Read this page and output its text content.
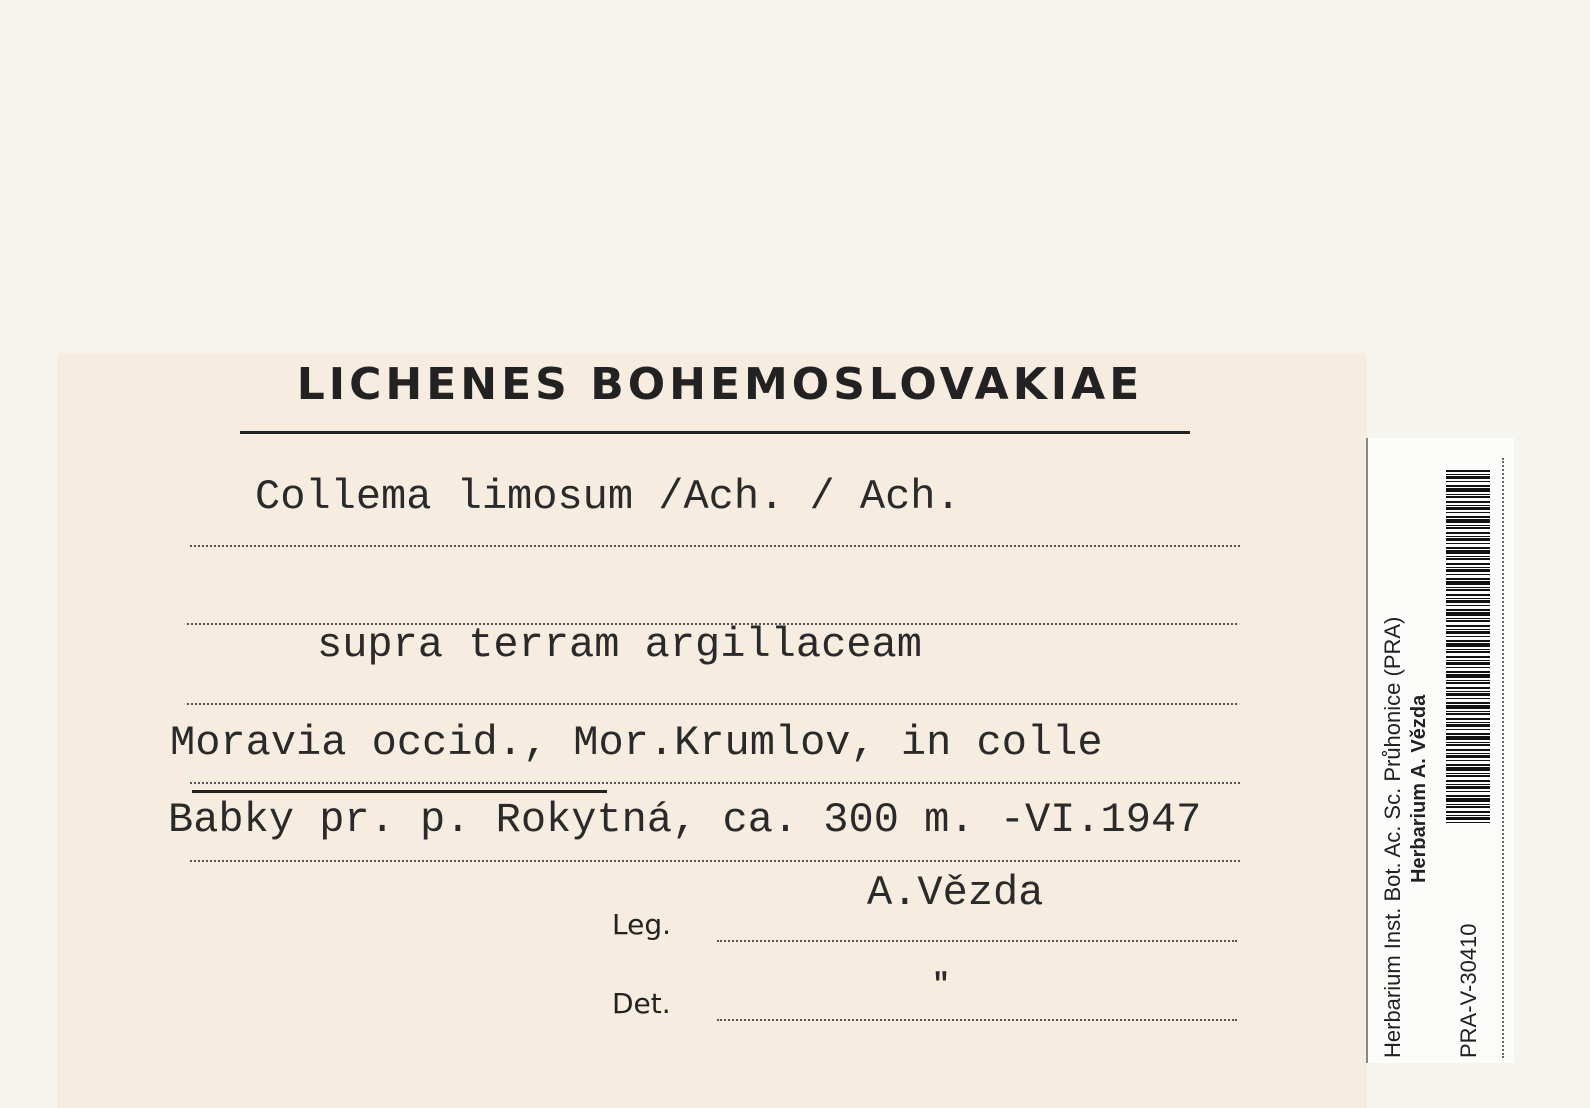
LICHENES BOHEMOSLOVAKIAE
Collema limosum /Ach. / Ach.
supra terram argillaceam
Moravia occid., Mor.Krumlov, in colle
Babky pr. p. Rokytná, ca. 300 m. -VI.1947
A.Vězda
Leg.
Det.
"	Herbarium Inst. Bot. Ac. Sc. Průhonice (PRA) Herbarium A. Vězda
PRA-V-30410
